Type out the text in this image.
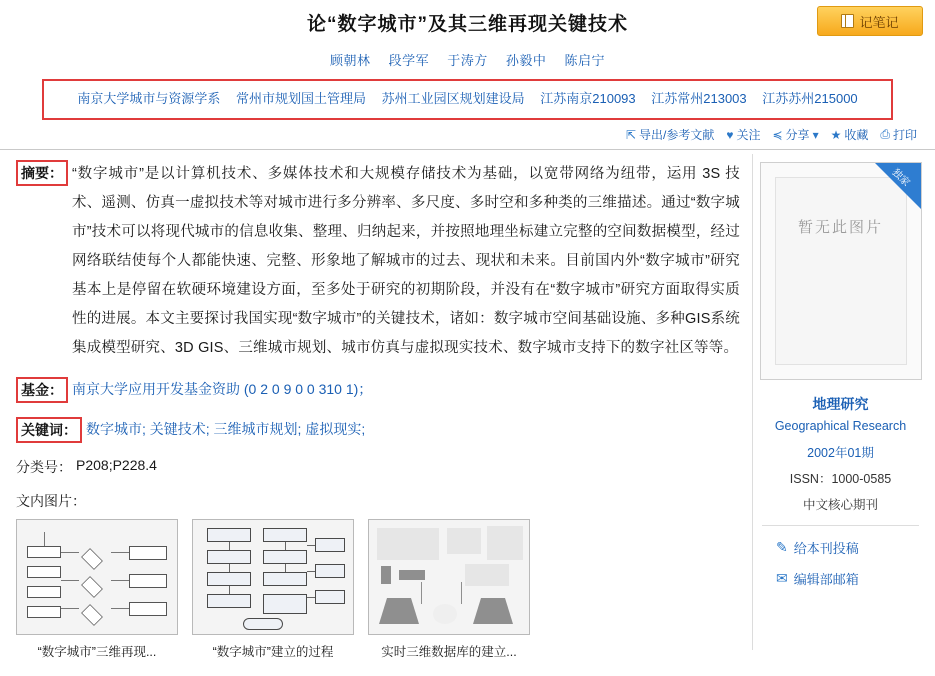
论“数字城市”及其三维再现关键技术	记笔记
顾朝林 段学军 于涛方 孙毅中 陈启宁
南京大学城市与资源学系 常州市规划国土管理局 苏州工业园区规划建设局 江苏南京210093 江苏常州213003 江苏苏州215000
⇱ 导出/参考文献 ♥ 关注 ≼ 分享 ▾ ★ 收藏 ⎙ 打印
摘要： “数字城市”是以计算机技术、多媒体技术和大规模存储技术为基础，以宽带网络为纽带，运用 3S 技术、遥测、仿真一虚拟技术等对城市进行多分辨率、多尺度、多时空和多种类的三维描述。通过“数字城市”技术可以将现代城市的信息收集、整理、归纳起来，并按照地理坐标建立完整的空间数据模型，经过网络联结使每个人都能快速、完整、形象地了解城市的过去、现状和未来。目前国内外“数字城市”研究基本上是停留在软硬环境建设方面，至多处于研究的初期阶段，并没有在“数字城市”研究方面取得实质性的进展。本文主要探讨我国实现“数字城市”的关键技术，诸如：数字城市空间基础设施、多种GIS系统集成模型研究、3D GIS、三维城市规划、城市仿真与虚拟现实技术、数字城市支持下的数字社区等等。
基金： 南京大学应用开发基金资助 (0 2 0 9 0 0 310 1)；
关键词： 数字城市; 关键技术; 三维城市规划; 虚拟现实;
分类号： P208;P228.4
文内图片：
“数字城市”三维再现...	“数字城市”建立的过程	实时三维数据库的建立...
暂无此图片
独家
地理研究
Geographical Research
2002年01期
ISSN：1000-0585
中文核心期刊
✎ 给本刊投稿
✉ 编辑部邮箱
